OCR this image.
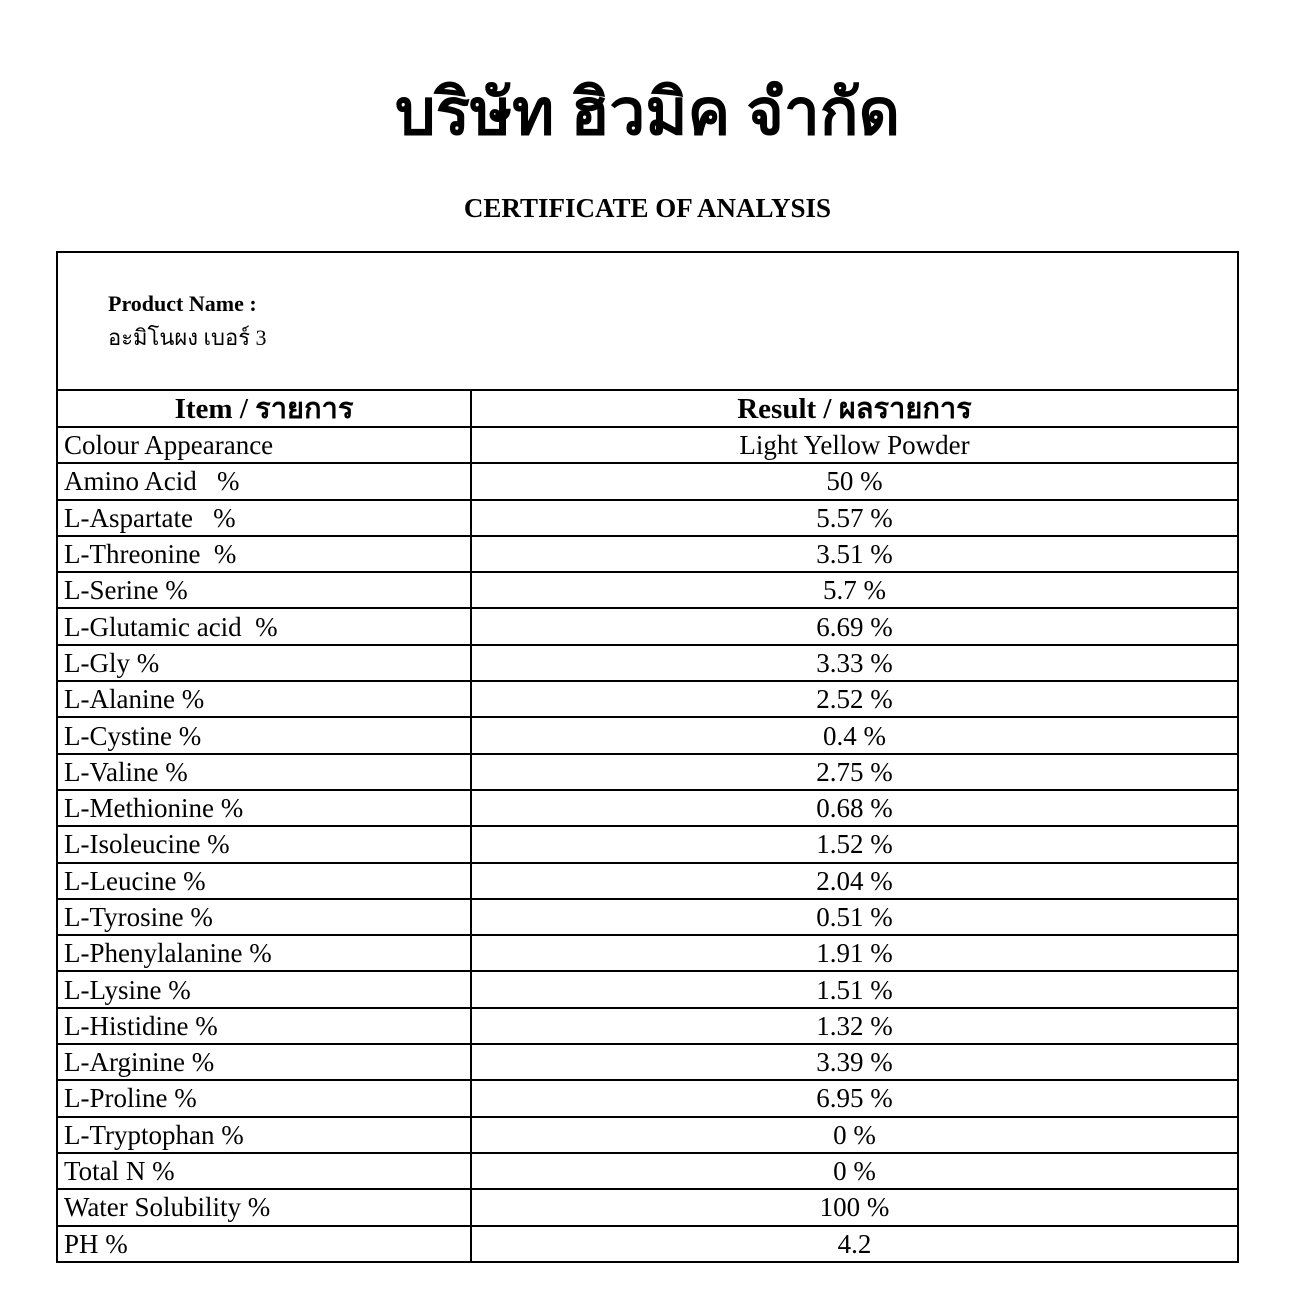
บริษัท ฮิวมิค จำกัด
CERTIFICATE OF ANALYSIS

Product Name :
อะมิโนผง เบอร์ 3	

Item / รายการ	Result / ผลรายการ
Colour Appearance	Light Yellow Powder
Amino Acid   %	50 %
L-Aspartate   %	5.57 %
L-Threonine  %	3.51 %
L-Serine %	5.7 %
L-Glutamic acid  %	6.69 %
L-Gly %	3.33 %
L-Alanine %	2.52 %
L-Cystine %	0.4 %
L-Valine %	2.75 %
L-Methionine %	0.68 %
L-Isoleucine %	1.52 %
L-Leucine %	2.04 %
L-Tyrosine %	0.51 %
L-Phenylalanine %	1.91 %
L-Lysine %	1.51 %
L-Histidine %	1.32 %
L-Arginine %	3.39 %
L-Proline %	6.95 %
L-Tryptophan %	0 %
Total N %	0 %
Water Solubility %	100 %
PH %	4.2
